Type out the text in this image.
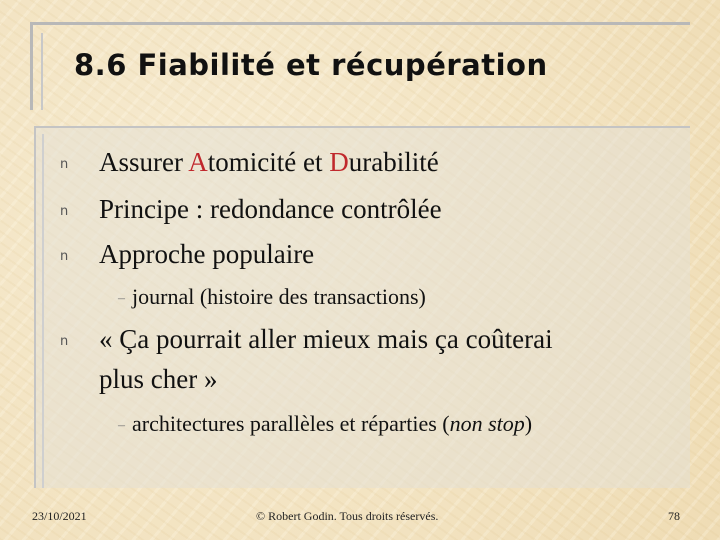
8.6 Fiabilité et récupération
n Assurer Atomicité et Durabilité
n Principe : redondance contrôlée
n Approche populaire
– journal (histoire des transactions)
n « Ça pourrait aller mieux mais ça coûterai
plus cher »
– architectures parallèles et réparties (non stop)
23/10/2021	© Robert Godin. Tous droits réservés.	78
